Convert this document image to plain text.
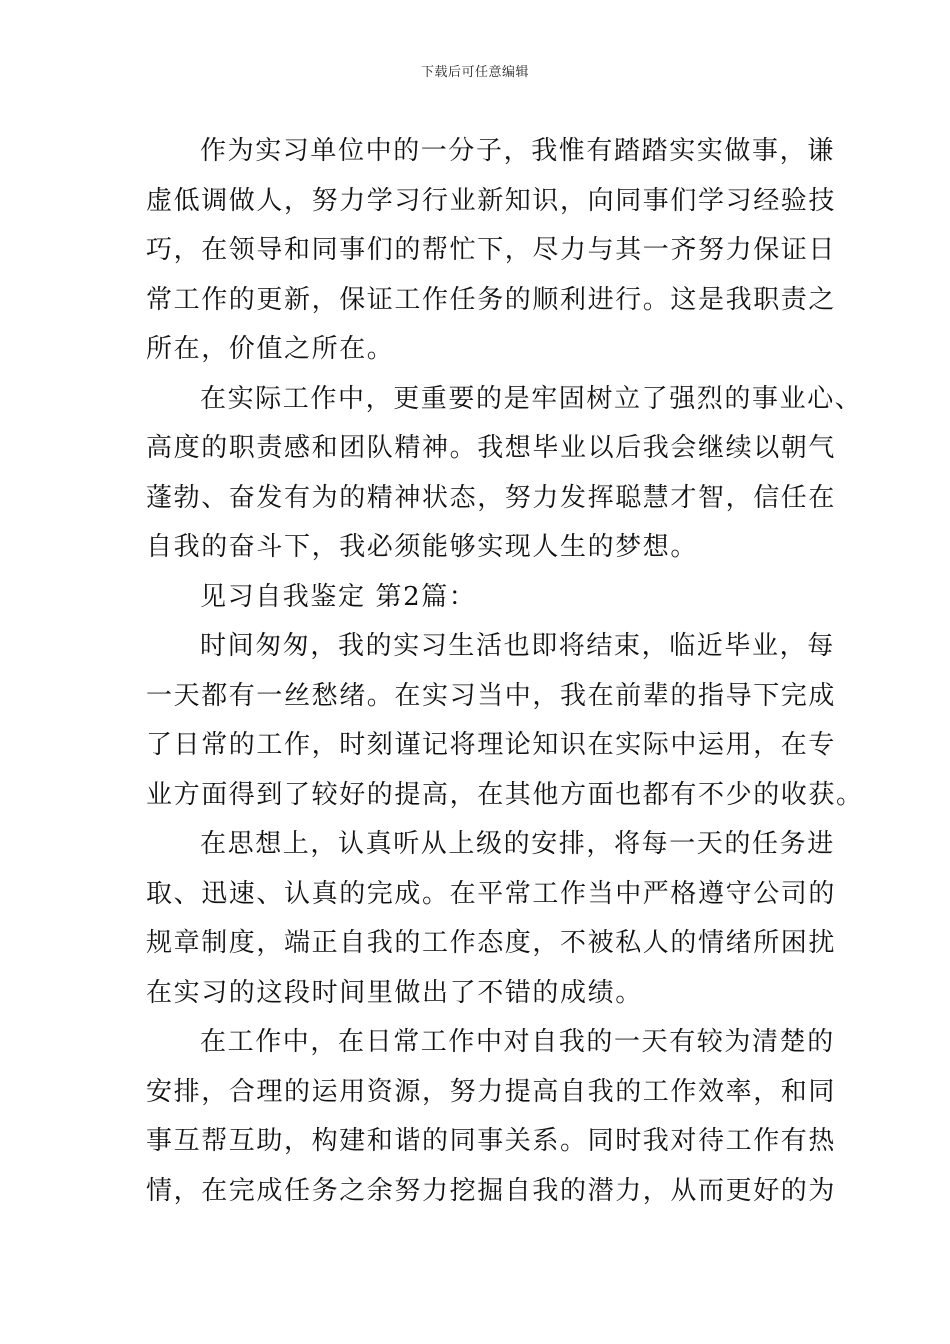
下载后可任意编辑
作为实习单位中的一分子，我惟有踏踏实实做事，谦
虚低调做人，努力学习行业新知识，向同事们学习经验技
巧，在领导和同事们的帮忙下，尽力与其一齐努力保证日
常工作的更新，保证工作任务的顺利进行。这是我职责之
所在，价值之所在。
在实际工作中，更重要的是牢固树立了强烈的事业心、
高度的职责感和团队精神。我想毕业以后我会继续以朝气
蓬勃、奋发有为的精神状态，努力发挥聪慧才智，信任在
自我的奋斗下，我必须能够实现人生的梦想。
见习自我鉴定 第2篇：
时间匆匆，我的实习生活也即将结束，临近毕业，每
一天都有一丝愁绪。在实习当中，我在前辈的指导下完成
了日常的工作，时刻谨记将理论知识在实际中运用，在专
业方面得到了较好的提高，在其他方面也都有不少的收获。
在思想上，认真听从上级的安排，将每一天的任务进
取、迅速、认真的完成。在平常工作当中严格遵守公司的
规章制度，端正自我的工作态度，不被私人的情绪所困扰
在实习的这段时间里做出了不错的成绩。
在工作中，在日常工作中对自我的一天有较为清楚的
安排，合理的运用资源，努力提高自我的工作效率，和同
事互帮互助，构建和谐的同事关系。同时我对待工作有热
情，在完成任务之余努力挖掘自我的潜力，从而更好的为
